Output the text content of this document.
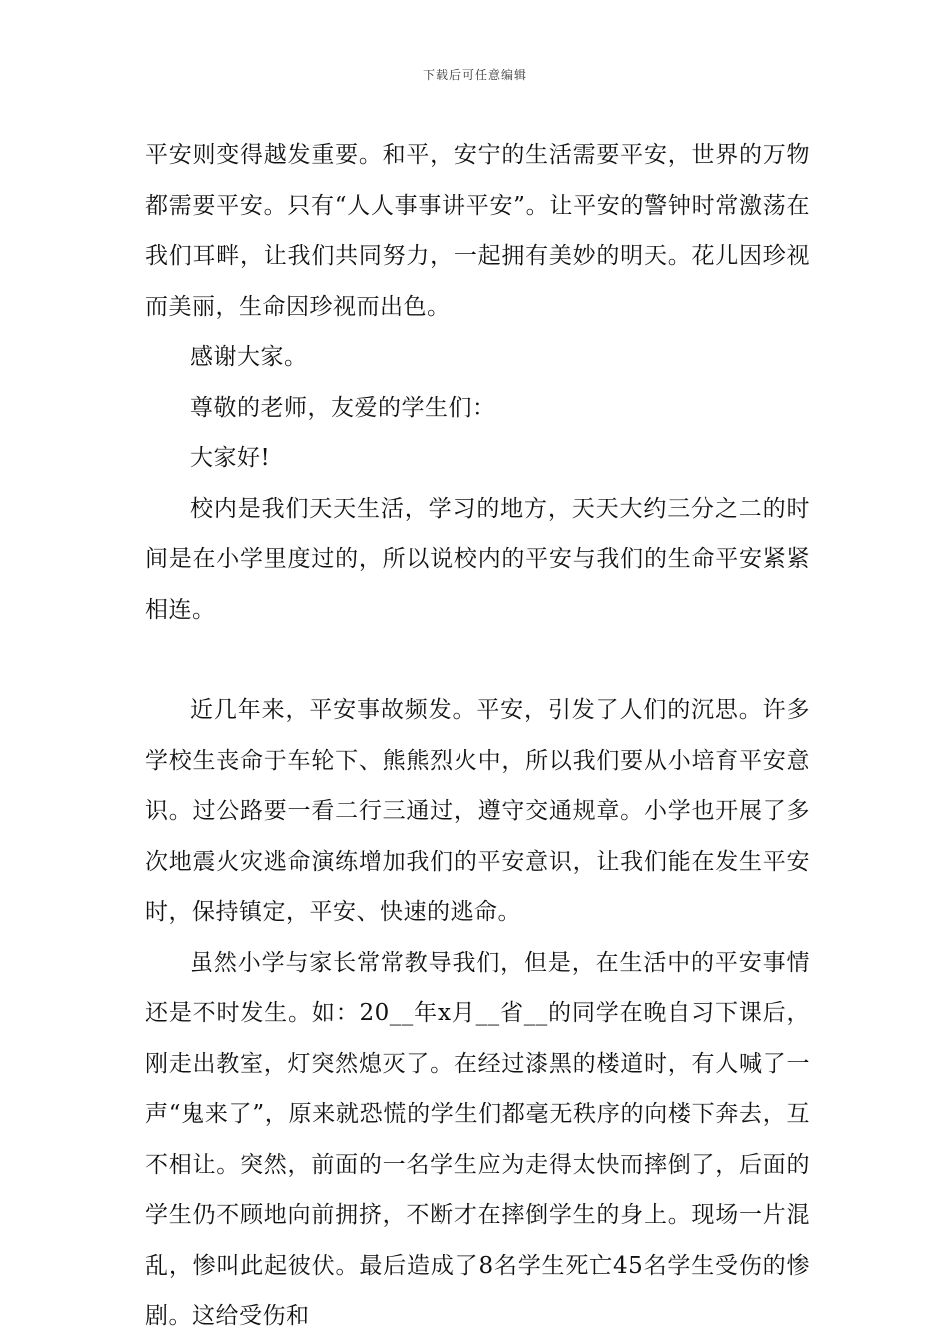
下载后可任意编辑

平安则变得越发重要。和平，安宁的生活需要平安，世界的万物都需要平安。只有“人人事事讲平安”。让平安的警钟时常激荡在我们耳畔，让我们共同努力，一起拥有美妙的明天。花儿因珍视而美丽，生命因珍视而出色。

感谢大家。

尊敬的老师，友爱的学生们：

大家好!

校内是我们天天生活，学习的地方，天天大约三分之二的时间是在小学里度过的，所以说校内的平安与我们的生命平安紧紧相连。

近几年来，平安事故频发。平安，引发了人们的沉思。许多学校生丧命于车轮下、熊熊烈火中，所以我们要从小培育平安意识。过公路要一看二行三通过，遵守交通规章。小学也开展了多次地震火灾逃命演练增加我们的平安意识，让我们能在发生平安时，保持镇定，平安、快速的逃命。

虽然小学与家长常常教导我们，但是，在生活中的平安事情还是不时发生。如：20__年x月__省__的同学在晚自习下课后，刚走出教室，灯突然熄灭了。在经过漆黑的楼道时，有人喊了一声“鬼来了”，原来就恐慌的学生们都毫无秩序的向楼下奔去，互不相让。突然，前面的一名学生应为走得太快而摔倒了，后面的学生仍不顾地向前拥挤，不断才在摔倒学生的身上。现场一片混乱，惨叫此起彼伏。最后造成了8名学生死亡45名学生受伤的惨剧。这给受伤和
